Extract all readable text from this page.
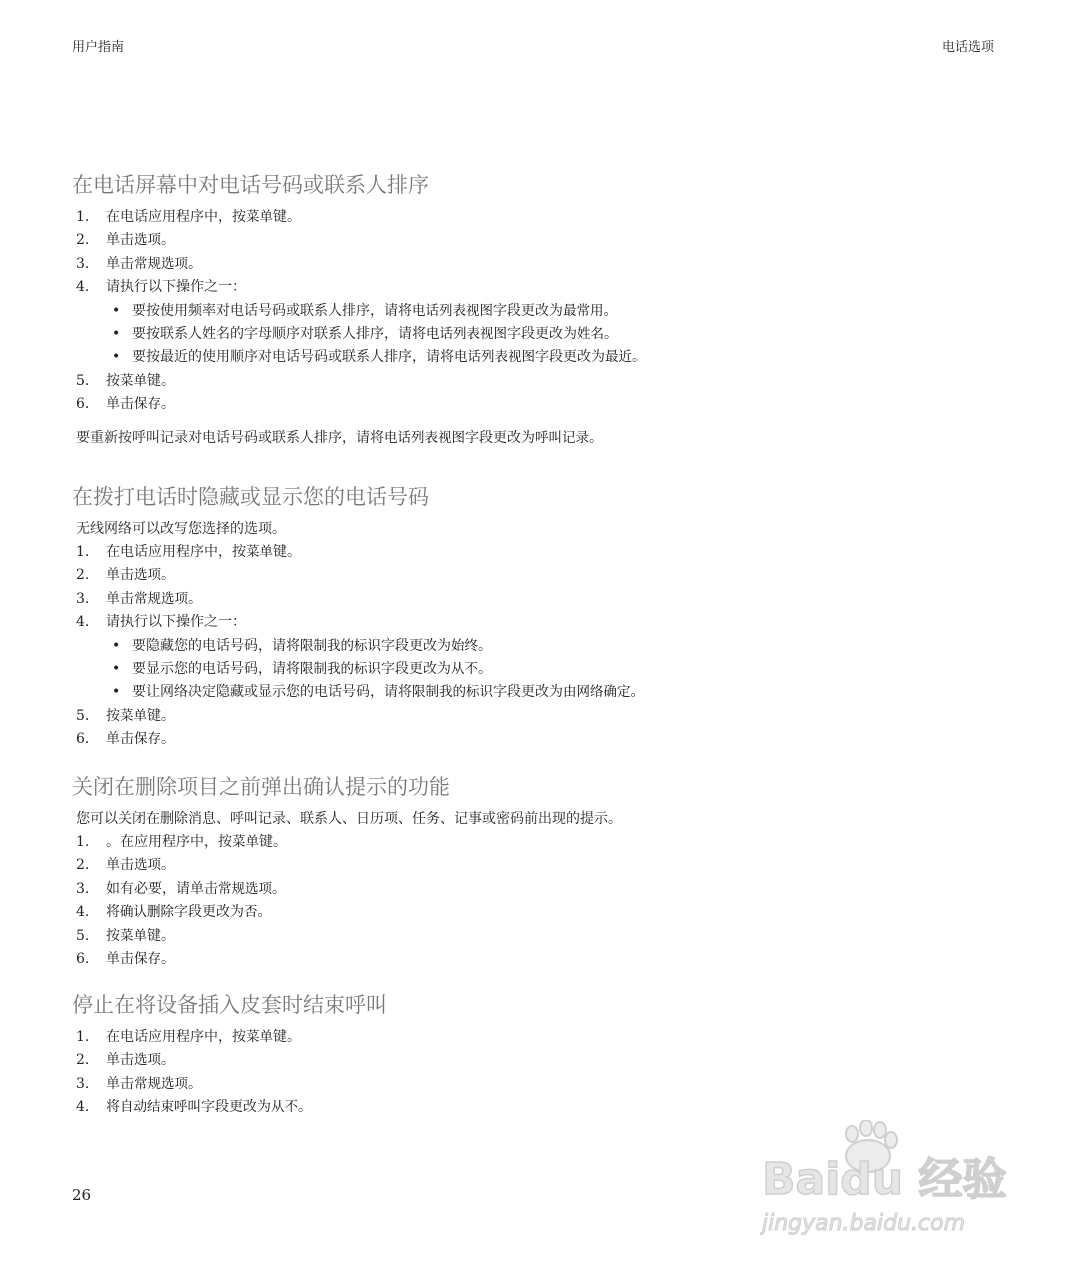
用户指南	电话选项
在电话屏幕中对电话号码或联系人排序
1. 在电话应用程序中，按菜单键。
2. 单击选项。
3. 单击常规选项。
4. 请执行以下操作之一：
• 要按使用频率对电话号码或联系人排序，请将电话列表视图字段更改为最常用。
• 要按联系人姓名的字母顺序对联系人排序，请将电话列表视图字段更改为姓名。
• 要按最近的使用顺序对电话号码或联系人排序，请将电话列表视图字段更改为最近。
5. 按菜单键。
6. 单击保存。
要重新按呼叫记录对电话号码或联系人排序，请将电话列表视图字段更改为呼叫记录。
在拨打电话时隐藏或显示您的电话号码
无线网络可以改写您选择的选项。
1. 在电话应用程序中，按菜单键。
2. 单击选项。
3. 单击常规选项。
4. 请执行以下操作之一：
• 要隐藏您的电话号码，请将限制我的标识字段更改为始终。
• 要显示您的电话号码，请将限制我的标识字段更改为从不。
• 要让网络决定隐藏或显示您的电话号码，请将限制我的标识字段更改为由网络确定。
5. 按菜单键。
6. 单击保存。
关闭在删除项目之前弹出确认提示的功能
您可以关闭在删除消息、呼叫记录、联系人、日历项、任务、记事或密码前出现的提示。
1. 。在应用程序中，按菜单键。
2. 单击选项。
3. 如有必要，请单击常规选项。
4. 将确认删除字段更改为否。
5. 按菜单键。
6. 单击保存。
停止在将设备插入皮套时结束呼叫
1. 在电话应用程序中，按菜单键。
2. 单击选项。
3. 单击常规选项。
4. 将自动结束呼叫字段更改为从不。
26	Baidu 经验
jingyan.baidu.com
